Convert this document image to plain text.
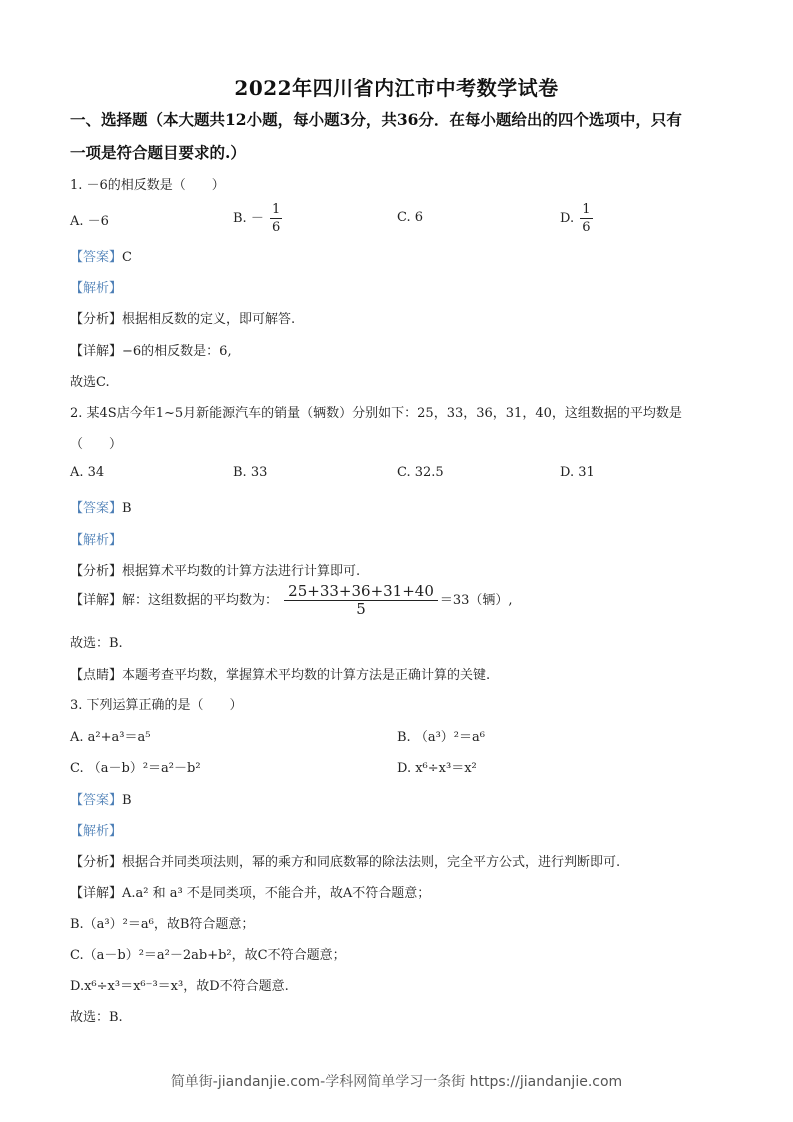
2022年四川省内江市中考数学试卷
一、选择题（本大题共12小题，每小题3分，共36分．在每小题给出的四个选项中，只有
一项是符合题目要求的.）
1. －6的相反数是（　　）
A. －6	B. － $\frac{1}{6}$	C. 6	D. $\frac{1}{6}$
【答案】C
【解析】
【分析】根据相反数的定义，即可解答.
【详解】−6的相反数是：6,
故选C.
2. 某4S店今年1~5月新能源汽车的销量（辆数）分别如下：25，33，36，31，40，这组数据的平均数是
（　　）
A. 34	B. 33	C. 32.5	D. 31
【答案】B
【解析】
【分析】根据算术平均数的计算方法进行计算即可.
【详解】解：这组数据的平均数为： $\frac{25+33+36+31+40}{5} =33$（辆）,
故选：B.
【点睛】本题考查平均数，掌握算术平均数的计算方法是正确计算的关键.
3. 下列运算正确的是（　　）
A. a²+a³＝a⁵	B. （a³）²＝a⁶
C. （a－b）²＝a²－b²	D. x⁶÷x³＝x²
【答案】B
【解析】
【分析】根据合并同类项法则，幂的乘方和同底数幂的除法法则，完全平方公式，进行判断即可.
【详解】A.a² 和 a³ 不是同类项，不能合并，故A不符合题意；
B.（a³）²＝a⁶，故B符合题意；
C.（a－b）²＝a²－2ab+b²，故C不符合题意；
D.x⁶÷x³＝x⁶⁻³＝x³，故D不符合题意.
故选：B.
简单街-jiandanjie.com-学科网简单学习一条街 https://jiandanjie.com
